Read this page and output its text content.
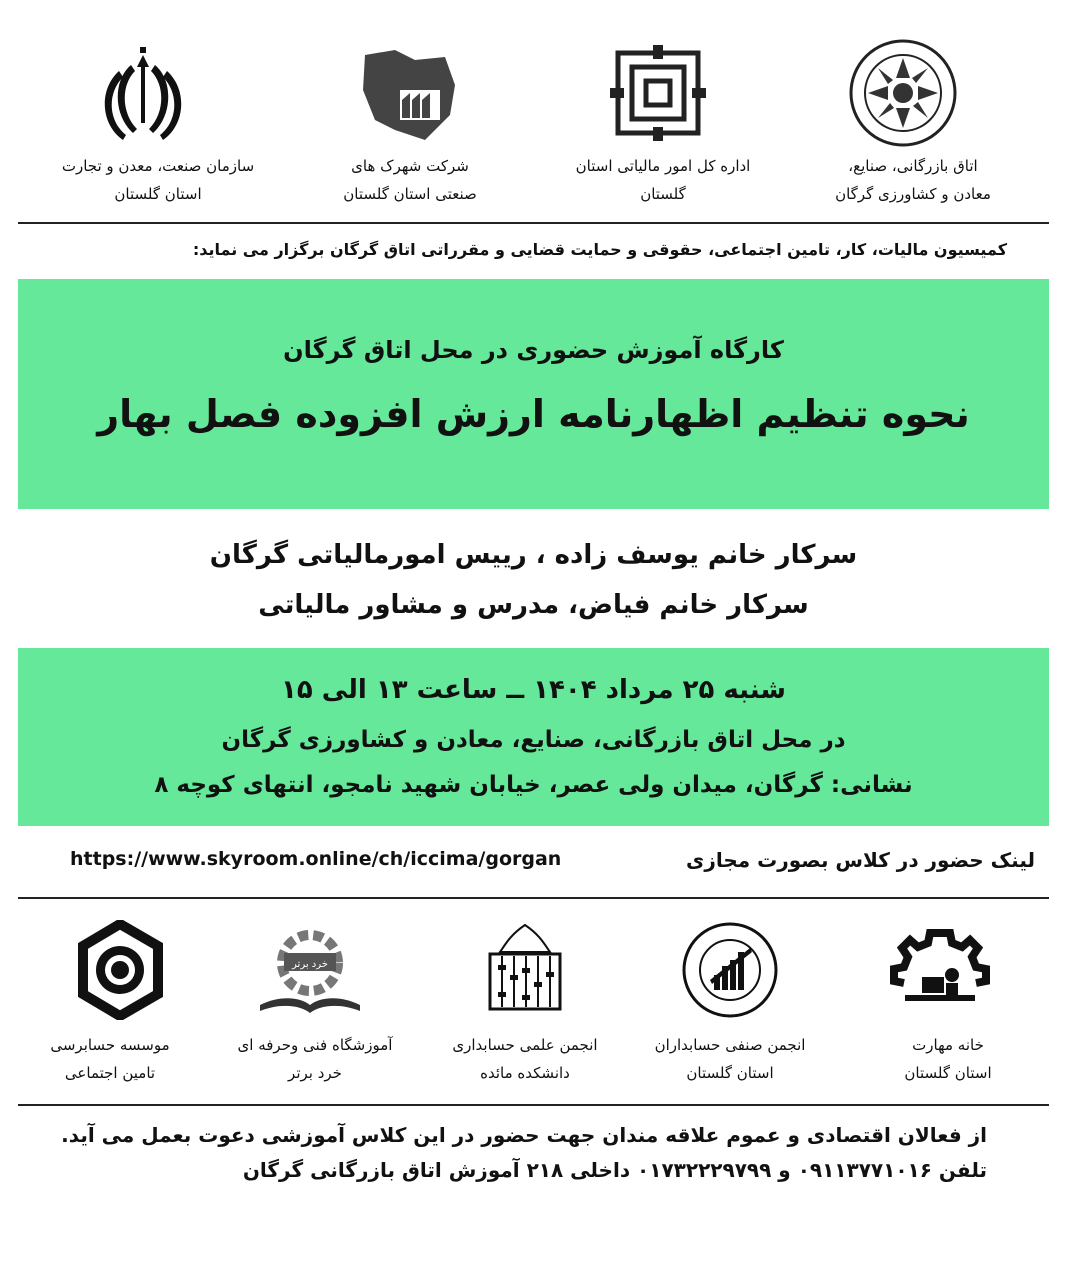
اتاق بازرگانی، صنایع،
معادن و کشاورزی گرگان
اداره کل امور مالیاتی استان
گلستان
شرکت شهرک های
صنعتی استان گلستان
سازمان صنعت، معدن و تجارت
استان گلستان
کمیسیون مالیات، کار، تامین اجتماعی، حقوقی و حمایت قضایی و مقرراتی اتاق گرگان برگزار می نماید:
کارگاه آموزش حضوری در محل اتاق گرگان
نحوه تنظیم اظهارنامه ارزش افزوده فصل بهار
سرکار خانم یوسف زاده ، رییس امورمالیاتی گرگان
سرکار خانم فیاض، مدرس و مشاور مالیاتی
شنبه ۲۵ مرداد ۱۴۰۴ ــ ساعت ۱۳ الی ۱۵
در محل اتاق بازرگانی، صنایع، معادن و کشاورزی گرگان
نشانی: گرگان، میدان ولی عصر، خیابان شهید نامجو، انتهای کوچه ۸
لینک حضور در کلاس بصورت مجازی
https://www.skyroom.online/ch/iccima/gorgan
خرد برتر
خانه مهارت
استان گلستان
انجمن صنفی حسابداران
استان گلستان
انجمن علمی حسابداری
دانشکده مائده
آموزشگاه فنی وحرفه ای
خرد برتر
موسسه حسابرسی
تامین اجتماعی
از فعالان اقتصادی و عموم علاقه مندان جهت حضور در این کلاس آموزشی دعوت بعمل می آید.
تلفن ۰۹۱۱۳۷۷۱۰۱۶ و ۰۱۷۳۲۲۲۹۷۹۹ داخلی ۲۱۸ آموزش اتاق بازرگانی گرگان
